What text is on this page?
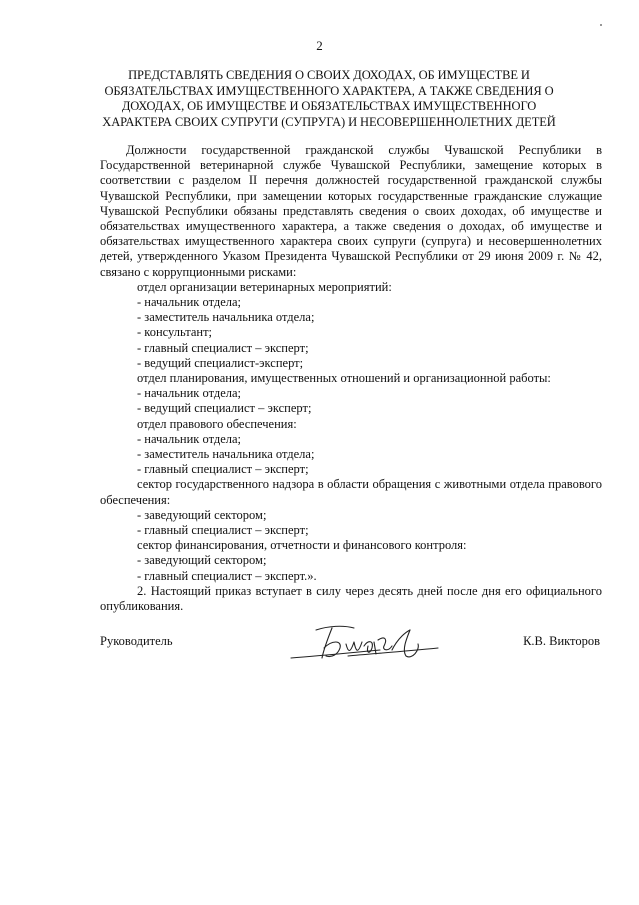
2
ПРЕДСТАВЛЯТЬ СВЕДЕНИЯ О СВОИХ ДОХОДАХ, ОБ ИМУЩЕСТВЕ И
ОБЯЗАТЕЛЬСТВАХ ИМУЩЕСТВЕННОГО ХАРАКТЕРА, А ТАКЖЕ СВЕДЕНИЯ О
ДОХОДАХ, ОБ ИМУЩЕСТВЕ И ОБЯЗАТЕЛЬСТВАХ ИМУЩЕСТВЕННОГО
ХАРАКТЕРА СВОИХ СУПРУГИ (СУПРУГА) И НЕСОВЕРШЕННОЛЕТНИХ ДЕТЕЙ

Должности государственной гражданской службы Чувашской Республики в Государственной ветеринарной службе Чувашской Республики, замещение которых в соответствии с разделом II перечня должностей государственной гражданской службы Чувашской Республики, при замещении которых государственные гражданские служащие Чувашской Республики обязаны представлять сведения о своих доходах, об имуществе и обязательствах имущественного характера, а также сведения о доходах, об имуществе и обязательствах имущественного характера своих супруги (супруга) и несовершеннолетних детей, утвержденного Указом Президента Чувашской Республики от 29 июня 2009 г. № 42, связано с коррупционными рисками:

отдел организации ветеринарных мероприятий:

- начальник отдела;

- заместитель начальника отдела;

- консультант;

- главный специалист – эксперт;

- ведущий специалист-эксперт;

отдел планирования, имущественных отношений и организационной работы:

- начальник отдела;

- ведущий специалист – эксперт;

отдел правового обеспечения:

- начальник отдела;

- заместитель начальника отдела;

- главный специалист – эксперт;

сектор государственного надзора в области обращения с животными отдела правового обеспечения:

- заведующий сектором;

- главный специалист – эксперт;

сектор финансирования, отчетности и финансового контроля:

- заведующий сектором;

- главный специалист – эксперт.».

2. Настоящий приказ вступает в силу через десять дней после дня его официального опубликования.

Руководитель	К.В. Викторов
